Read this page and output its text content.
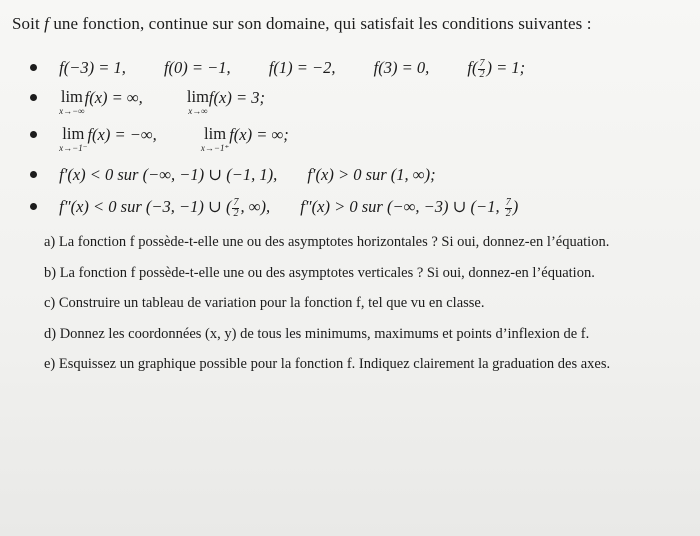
Soit f une fonction, continue sur son domaine, qui satisfait les conditions suivantes :
f(−3) = 1, f(0) = −1, f(1) = −2, f(3) = 0, $f( \frac{7}{2}$ ) = 1;

lim
x→−∞
f(x) = ∞,	lim
x→∞
f(x) = 3;

lim
x→−1⁻
f(x) = −∞,	lim
x→−1⁺
f(x) = ∞;
f′(x) < 0 sur (−∞, −1) ∪ (−1, 1), f′(x) > 0 sur (1, ∞);
f″(x) < 0 sur (−3, −1) ∪ ( $\frac{7}{2}$ , ∞), f″(x) > 0 sur (−∞, −3) ∪ (−1, $\frac{7}{2}$ )
a) La fonction f possède-t-elle une ou des asymptotes horizontales ? Si oui, donnez-en l’équation.
b) La fonction f possède-t-elle une ou des asymptotes verticales ? Si oui, donnez-en l’équation.
c) Construire un tableau de variation pour la fonction f, tel que vu en classe.
d) Donnez les coordonnées (x, y) de tous les minimums, maximums et points d’inflexion de f.
e) Esquissez un graphique possible pour la fonction f. Indiquez clairement la graduation des axes.
